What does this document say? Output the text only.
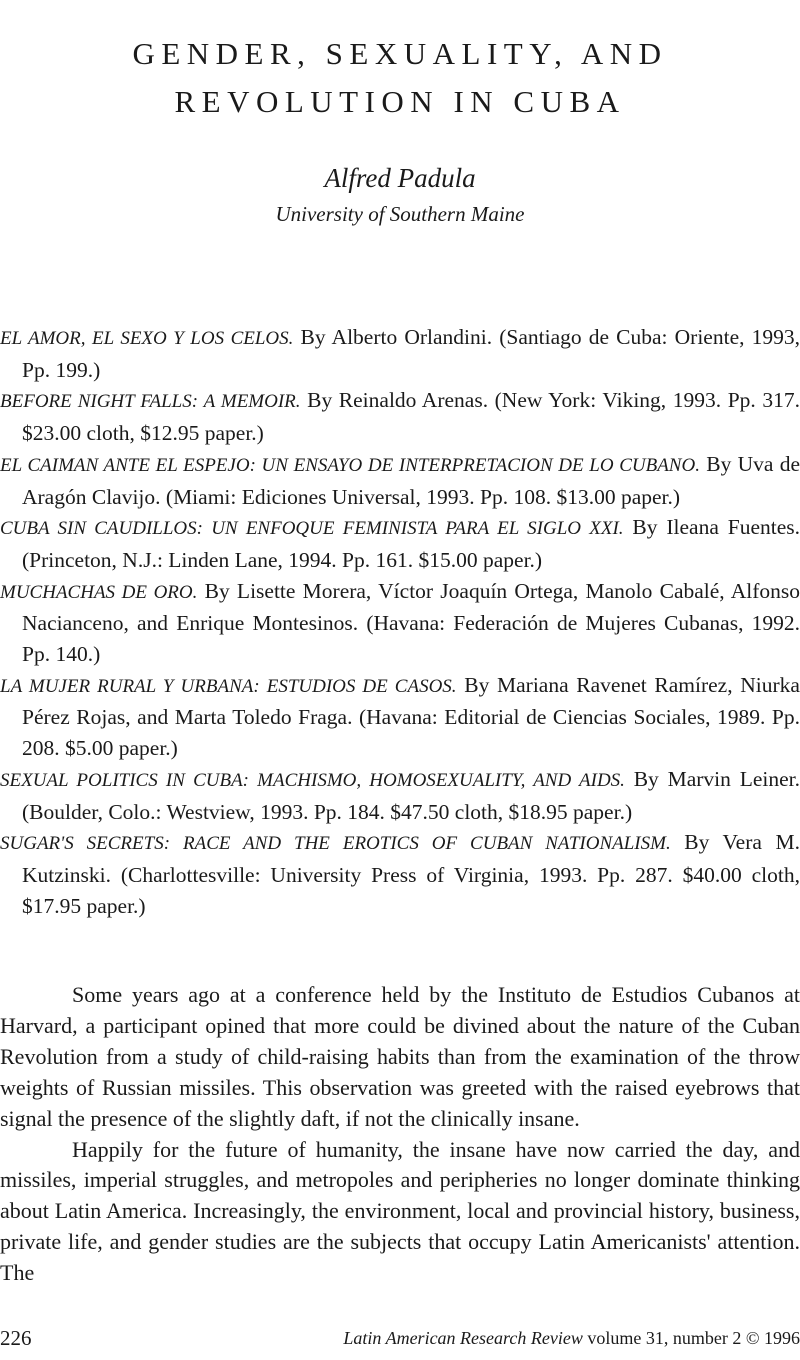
GENDER, SEXUALITY, AND
REVOLUTION IN CUBA
Alfred Padula
University of Southern Maine
EL AMOR, EL SEXO Y LOS CELOS. By Alberto Orlandini. (Santiago de Cuba: Oriente, 1993, Pp. 199.)
BEFORE NIGHT FALLS: A MEMOIR. By Reinaldo Arenas. (New York: Viking, 1993. Pp. 317. $23.00 cloth, $12.95 paper.)
EL CAIMAN ANTE EL ESPEJO: UN ENSAYO DE INTERPRETACION DE LO CUBANO. By Uva de Aragón Clavijo. (Miami: Ediciones Universal, 1993. Pp. 108. $13.00 paper.)
CUBA SIN CAUDILLOS: UN ENFOQUE FEMINISTA PARA EL SIGLO XXI. By Ileana Fuentes. (Princeton, N.J.: Linden Lane, 1994. Pp. 161. $15.00 paper.)
MUCHACHAS DE ORO. By Lisette Morera, Víctor Joaquín Ortega, Manolo Cabalé, Alfonso Nacianceno, and Enrique Montesinos. (Havana: Federación de Mujeres Cubanas, 1992. Pp. 140.)
LA MUJER RURAL Y URBANA: ESTUDIOS DE CASOS. By Mariana Ravenet Ramírez, Niurka Pérez Rojas, and Marta Toledo Fraga. (Havana: Editorial de Ciencias Sociales, 1989. Pp. 208. $5.00 paper.)
SEXUAL POLITICS IN CUBA: MACHISMO, HOMOSEXUALITY, AND AIDS. By Marvin Leiner. (Boulder, Colo.: Westview, 1993. Pp. 184. $47.50 cloth, $18.95 paper.)
SUGAR'S SECRETS: RACE AND THE EROTICS OF CUBAN NATIONALISM. By Vera M. Kutzinski. (Charlottesville: University Press of Virginia, 1993. Pp. 287. $40.00 cloth, $17.95 paper.)

Some years ago at a conference held by the Instituto de Estudios Cubanos at Harvard, a participant opined that more could be divined about the nature of the Cuban Revolution from a study of child-raising habits than from the examination of the throw weights of Russian missiles. This observation was greeted with the raised eyebrows that signal the presence of the slightly daft, if not the clinically insane.

Happily for the future of humanity, the insane have now carried the day, and missiles, imperial struggles, and metropoles and peripheries no longer dominate thinking about Latin America. Increasingly, the environment, local and provincial history, business, private life, and gender studies are the subjects that occupy Latin Americanists' attention. The

226	Latin American Research Review volume 31, number 2 © 1996
